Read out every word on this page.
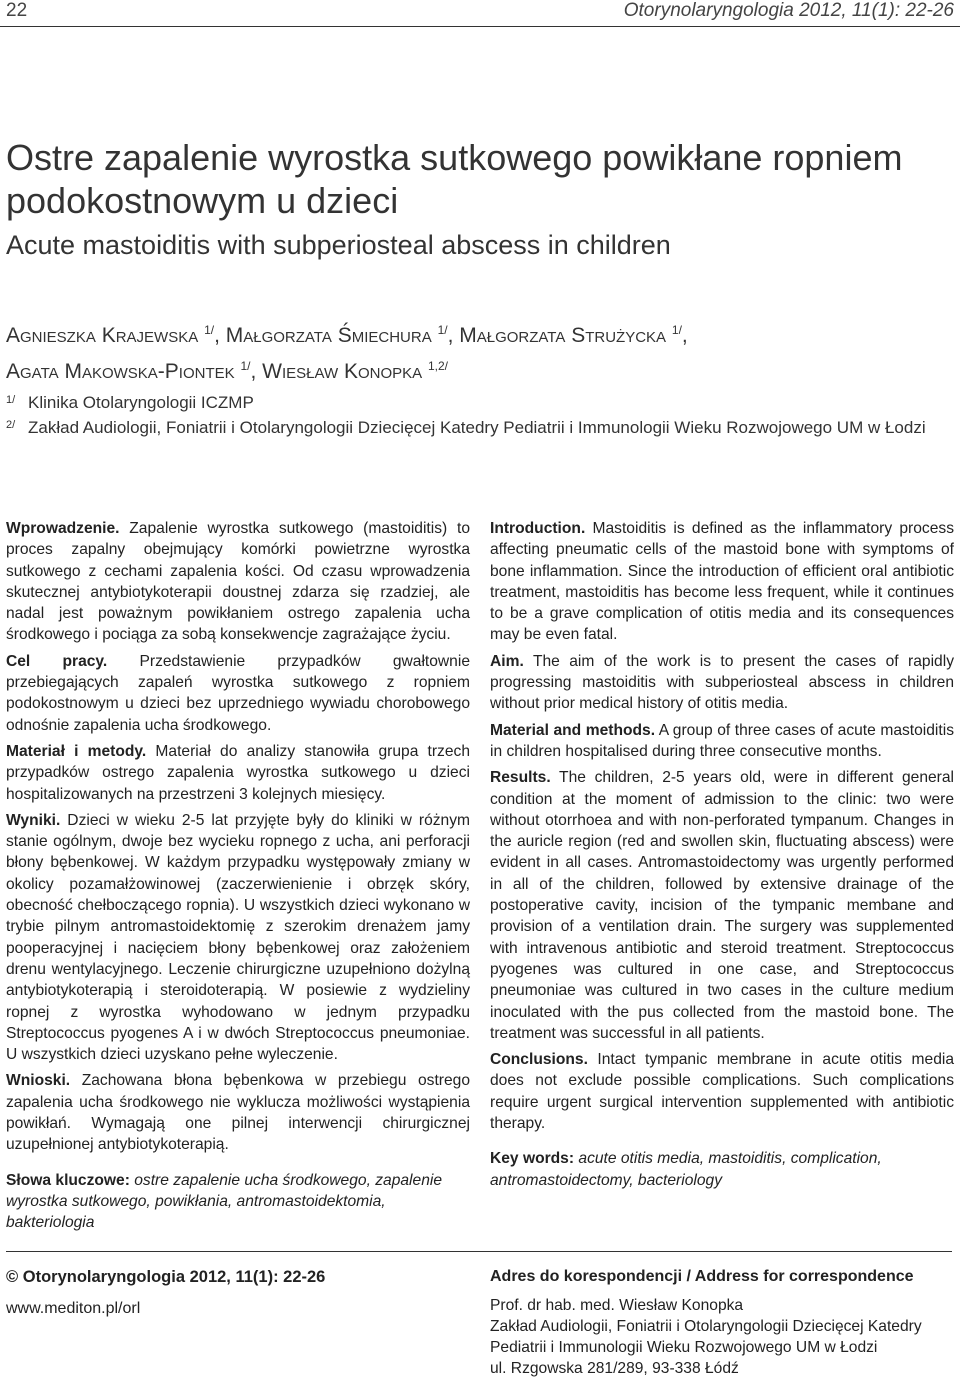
22	Otorynolaryngologia 2012, 11(1): 22-26
Ostre zapalenie wyrostka sutkowego powikłane ropniem podokostnowym u dzieci
Acute mastoiditis with subperiosteal abscess in children
Agnieszka Krajewska $^{1/}$, Małgorzata Śmiechura $^{1/}$, Małgorzata Strużycka $^{1/}$,
Agata Makowska-Piontek $^{1/}$, Wiesław Konopka $^{1,2/}$
1/ Klinika Otolaryngologii ICZMP
2/ Zakład Audiologii, Foniatrii i Otolaryngologii Dziecięcej Katedry Pediatrii i Immunologii Wieku Rozwojowego UM w Łodzi

Wprowadzenie. Zapalenie wyrostka sutkowego (mastoiditis) to proces zapalny obejmujący komórki powietrzne wyrostka sutkowego z cechami zapalenia kości. Od czasu wprowadzenia skutecznej antybiotykoterapii doustnej zdarza się rzadziej, ale nadal jest poważnym powikłaniem ostrego zapalenia ucha środkowego i pociąga za sobą konsekwencje zagrażające życiu.

Cel pracy. Przedstawienie przypadków gwałtownie przebiegających zapaleń wyrostka sutkowego z ropniem podokostnowym u dzieci bez uprzedniego wywiadu chorobowego odnośnie zapalenia ucha środkowego.

Materiał i metody. Materiał do analizy stanowiła grupa trzech przypadków ostrego zapalenia wyrostka sutkowego u dzieci hospitalizowanych na przestrzeni 3 kolejnych miesięcy.

Wyniki. Dzieci w wieku 2-5 lat przyjęte były do kliniki w różnym stanie ogólnym, dwoje bez wycieku ropnego z ucha, ani perforacji błony bębenkowej. W każdym przypadku występowały zmiany w okolicy pozamałżowinowej (zaczerwienienie i obrzęk skóry, obecność chełboczącego ropnia). U wszystkich dzieci wykonano w trybie pilnym antromastoidektomię z szerokim drenażem jamy pooperacyjnej i nacięciem błony bębenkowej oraz założeniem drenu wentylacyjnego. Leczenie chirurgiczne uzupełniono dożylną antybiotykoterapią i steroidoterapią. W posiewie z wydzieliny ropnej z wyrostka wyhodowano w jednym przypadku Streptococcus pyogenes A i w dwóch Streptococcus pneumoniae. U wszystkich dzieci uzyskano pełne wyleczenie.

Wnioski. Zachowana błona bębenkowa w przebiegu ostrego zapalenia ucha środkowego nie wyklucza możliwości wystąpienia powikłań. Wymagają one pilnej interwencji chirurgicznej uzupełnionej antybiotykoterapią.

Słowa kluczowe: ostre zapalenie ucha środkowego, zapalenie wyrostka sutkowego, powikłania, antromastoidektomia, bakteriologia

Introduction. Mastoiditis is defined as the inflammatory process affecting pneumatic cells of the mastoid bone with symptoms of bone inflammation. Since the introduction of efficient oral antibiotic treatment, mastoiditis has become less frequent, while it continues to be a grave complication of otitis media and its consequences may be even fatal.

Aim. The aim of the work is to present the cases of rapidly progressing mastoiditis with subperiosteal abscess in children without prior medical history of otitis media.

Material and methods. A group of three cases of acute mastoiditis in children hospitalised during three consecutive months.

Results. The children, 2-5 years old, were in different general condition at the moment of admission to the clinic: two were without otorrhoea and with non-perforated tympanum. Changes in the auricle region (red and swollen skin, fluctuating abscess) were evident in all cases. Antromastoidectomy was urgently performed in all of the children, followed by extensive drainage of the postoperative cavity, incision of the tympanic membane and provision of a ventilation drain. The surgery was supplemented with intravenous antibiotic and steroid treatment. Streptococcus pyogenes was cultured in one case, and Streptococcus pneumoniae was cultured in two cases in the culture medium inoculated with the pus collected from the mastoid bone. The treatment was successful in all patients.

Conclusions. Intact tympanic membrane in acute otitis media does not exclude possible complications. Such complications require urgent surgical intervention supplemented with antibiotic therapy.

Key words: acute otitis media, mastoiditis, complication, antromastoidectomy, bacteriology

© Otorynolaryngologia 2012, 11(1): 22-26
www.mediton.pl/orl
Adres do korespondencji / Address for correspondence
Prof. dr hab. med. Wiesław Konopka
Zakład Audiologii, Foniatrii i Otolaryngologii Dziecięcej Katedry Pediatrii i Immunologii Wieku Rozwojowego UM w Łodzi
ul. Rzgowska 281/289, 93-338 Łódź
